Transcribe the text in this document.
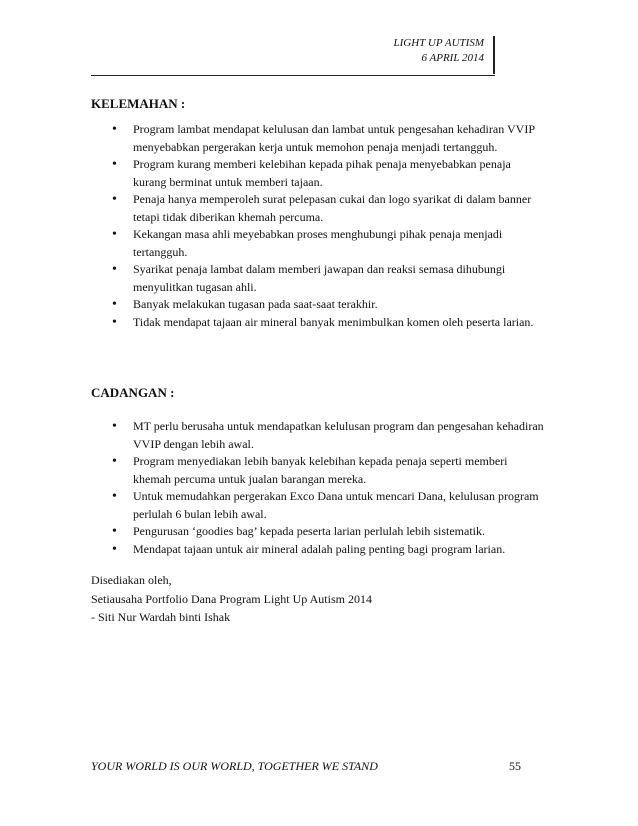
LIGHT UP AUTISM
6 APRIL 2014
KELEMAHAN :
• Program lambat mendapat kelulusan dan lambat untuk pengesahan kehadiran VVIP menyebabkan pergerakan kerja untuk memohon penaja menjadi tertangguh.
• Program kurang memberi kelebihan kepada pihak penaja menyebabkan penaja kurang berminat untuk memberi tajaan.
• Penaja hanya memperoleh surat pelepasan cukai dan logo syarikat di dalam banner tetapi tidak diberikan khemah percuma.
• Kekangan masa ahli meyebabkan proses menghubungi pihak penaja menjadi tertangguh.
• Syarikat penaja lambat dalam memberi jawapan dan reaksi semasa dihubungi menyulitkan tugasan ahli.
• Banyak melakukan tugasan pada saat-saat terakhir.
• Tidak mendapat tajaan air mineral banyak menimbulkan komen oleh peserta larian.
CADANGAN :
• MT perlu berusaha untuk mendapatkan kelulusan program dan pengesahan kehadiran VVIP dengan lebih awal.
• Program menyediakan lebih banyak kelebihan kepada penaja seperti memberi khemah percuma untuk jualan barangan mereka.
• Untuk memudahkan pergerakan Exco Dana untuk mencari Dana, kelulusan program perlulah 6 bulan lebih awal.
• Pengurusan ‘goodies bag’ kepada peserta larian perlulah lebih sistematik.
• Mendapat tajaan untuk air mineral adalah paling penting bagi program larian.
Disediakan oleh,
Setiausaha Portfolio Dana Program Light Up Autism 2014
- Siti Nur Wardah binti Ishak
YOUR WORLD IS OUR WORLD, TOGETHER WE STAND	55
